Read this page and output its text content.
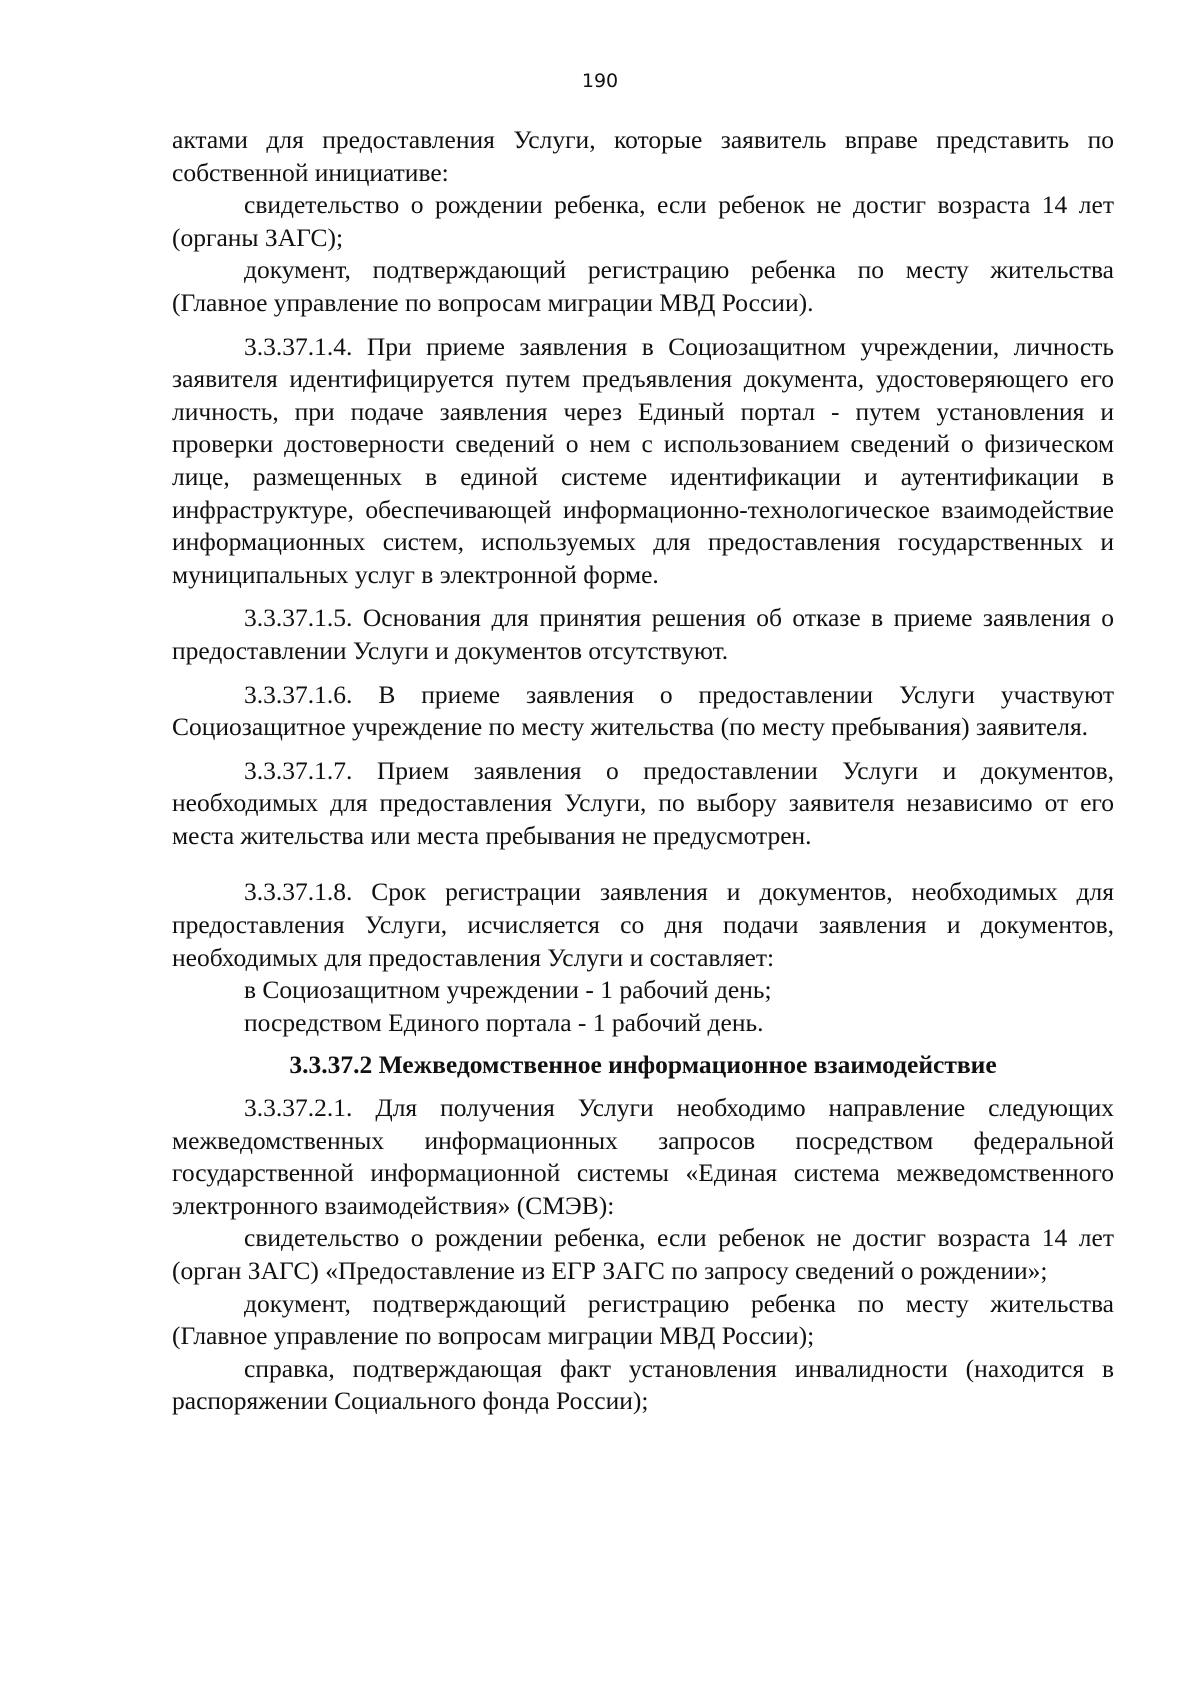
190

актами для предоставления Услуги, которые заявитель вправе представить по собственной инициативе:

свидетельство о рождении ребенка, если ребенок не достиг возраста 14 лет (органы ЗАГС);

документ, подтверждающий регистрацию ребенка по месту жительства (Главное управление по вопросам миграции МВД России).

3.3.37.1.4. При приеме заявления в Социозащитном учреждении, личность заявителя идентифицируется путем предъявления документа, удостоверяющего его личность, при подаче заявления через Единый портал - путем установления и проверки достоверности сведений о нем с использованием сведений о физическом лице, размещенных в единой системе идентификации и аутентификации в инфраструктуре, обеспечивающей информационно-технологическое взаимодействие информационных систем, используемых для предоставления государственных и муниципальных услуг в электронной форме.

3.3.37.1.5. Основания для принятия решения об отказе в приеме заявления о предоставлении Услуги и документов отсутствуют.

3.3.37.1.6. В приеме заявления о предоставлении Услуги участвуют Социозащитное учреждение по месту жительства (по месту пребывания) заявителя.

3.3.37.1.7. Прием заявления о предоставлении Услуги и документов, необходимых для предоставления Услуги, по выбору заявителя независимо от его места жительства или места пребывания не предусмотрен.

3.3.37.1.8. Срок регистрации заявления и документов, необходимых для предоставления Услуги, исчисляется со дня подачи заявления и документов, необходимых для предоставления Услуги и составляет:

в Социозащитном учреждении - 1 рабочий день;

посредством Единого портала - 1 рабочий день.

3.3.37.2 Межведомственное информационное взаимодействие

3.3.37.2.1. Для получения Услуги необходимо направление следующих межведомственных информационных запросов посредством федеральной государственной информационной системы «Единая система межведомственного электронного взаимодействия» (СМЭВ):

свидетельство о рождении ребенка, если ребенок не достиг возраста 14 лет (орган ЗАГС) «Предоставление из ЕГР ЗАГС по запросу сведений о рождении»;

документ, подтверждающий регистрацию ребенка по месту жительства (Главное управление по вопросам миграции МВД России);

справка, подтверждающая факт установления инвалидности (находится в распоряжении Социального фонда России);
